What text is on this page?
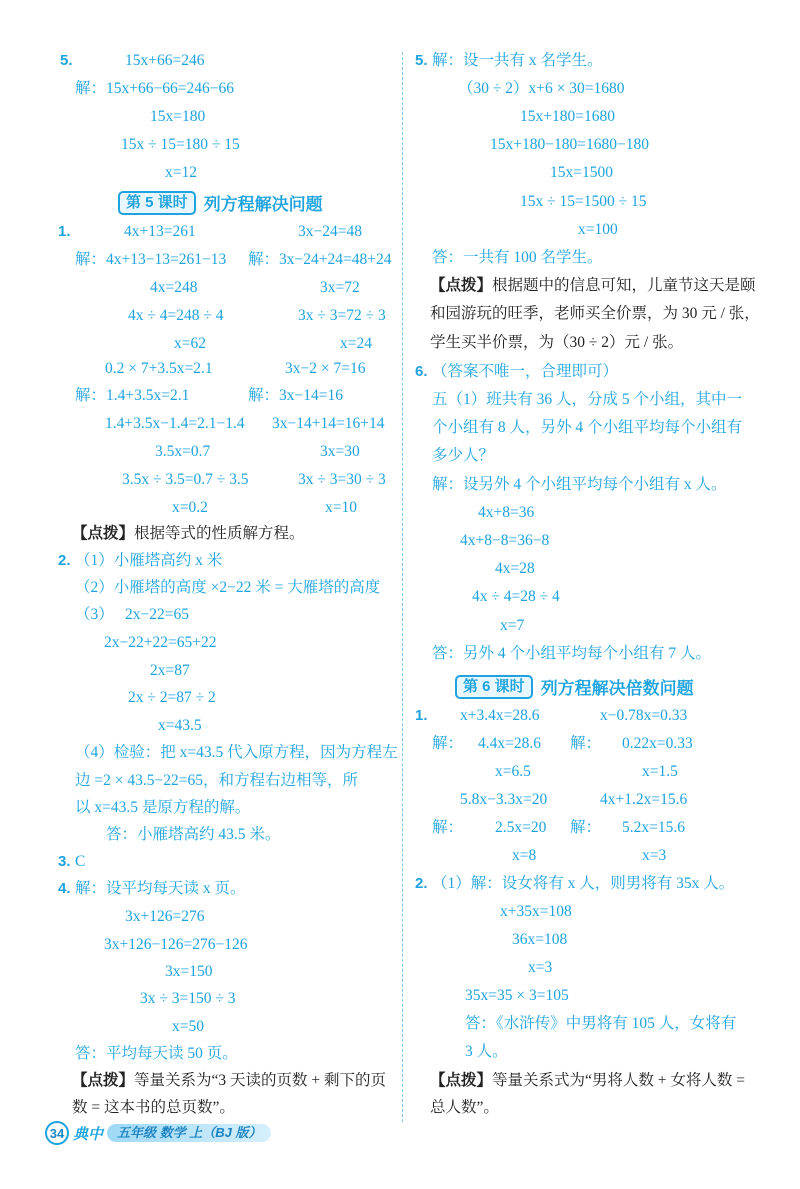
5.	15x+66=246
解：15x+66−66=246−66
15x=180
15x ÷ 15=180 ÷ 15
x=12
第 5 课时 列方程解决问题
1.	4x+13=261
解：4x+13−13=261−13
4x=248
4x ÷ 4=248 ÷ 4
x=62
3x−24=48
解：3x−24+24=48+24
3x=72
3x ÷ 3=72 ÷ 3
x=24
0.2 × 7+3.5x=2.1
解：1.4+3.5x=2.1
1.4+3.5x−1.4=2.1−1.4
3.5x=0.7
3.5x ÷ 3.5=0.7 ÷ 3.5
x=0.2
3x−2 × 7=16
解：3x−14=16
3x−14+14=16+14
3x=30
3x ÷ 3=30 ÷ 3
x=10
【点拨】根据等式的性质解方程。
2. （1）小雁塔高约 x 米
（2）小雁塔的高度 ×2−22 米 = 大雁塔的高度
（3） 2x−22=65
2x−22+22=65+22
2x=87
2x ÷ 2=87 ÷ 2
x=43.5
（4）检验：把 x=43.5 代入原方程，因为方程左
边 =2 × 43.5−22=65，和方程右边相等，所
以 x=43.5 是原方程的解。
答：小雁塔高约 43.5 米。
3. C
4. 解：设平均每天读 x 页。
3x+126=276
3x+126−126=276−126
3x=150
3x ÷ 3=150 ÷ 3
x=50
答：平均每天读 50 页。
【点拨】等量关系为“3 天读的页数 + 剩下的页
数 = 这本书的总页数”。
5. 解：设一共有 x 名学生。
（30 ÷ 2）x+6 × 30=1680
15x+180=1680
15x+180−180=1680−180
15x=1500
15x ÷ 15=1500 ÷ 15
x=100
答：一共有 100 名学生。
【点拨】根据题中的信息可知，儿童节这天是颐
和园游玩的旺季，老师买全价票，为 30 元 / 张，
学生买半价票，为（30 ÷ 2）元 / 张。
6. （答案不唯一，合理即可）
五（1）班共有 36 人，分成 5 个小组，其中一
个小组有 8 人，另外 4 个小组平均每个小组有
多少人？
解：设另外 4 个小组平均每个小组有 x 人。
4x+8=36
4x+8−8=36−8
4x=28
4x ÷ 4=28 ÷ 4
x=7
答：另外 4 个小组平均每个小组有 7 人。
第 6 课时 列方程解决倍数问题
1. x+3.4x=28.6
解： 4.4x=28.6
x=6.5
5.8x−3.3x=20
解： 2.5x=20
x=8
x−0.78x=0.33
解： 0.22x=0.33
x=1.5
4x+1.2x=15.6
解： 5.2x=15.6
x=3
2. （1）解：设女将有 x 人，则男将有 35x 人。
x+35x=108
36x=108
x=3
35x=35 × 3=105
答：《水浒传》中男将有 105 人，女将有
3 人。
【点拨】等量关系式为“男将人数 + 女将人数 =
总人数”。
34 典中	五年级 数学 上（BJ 版）
